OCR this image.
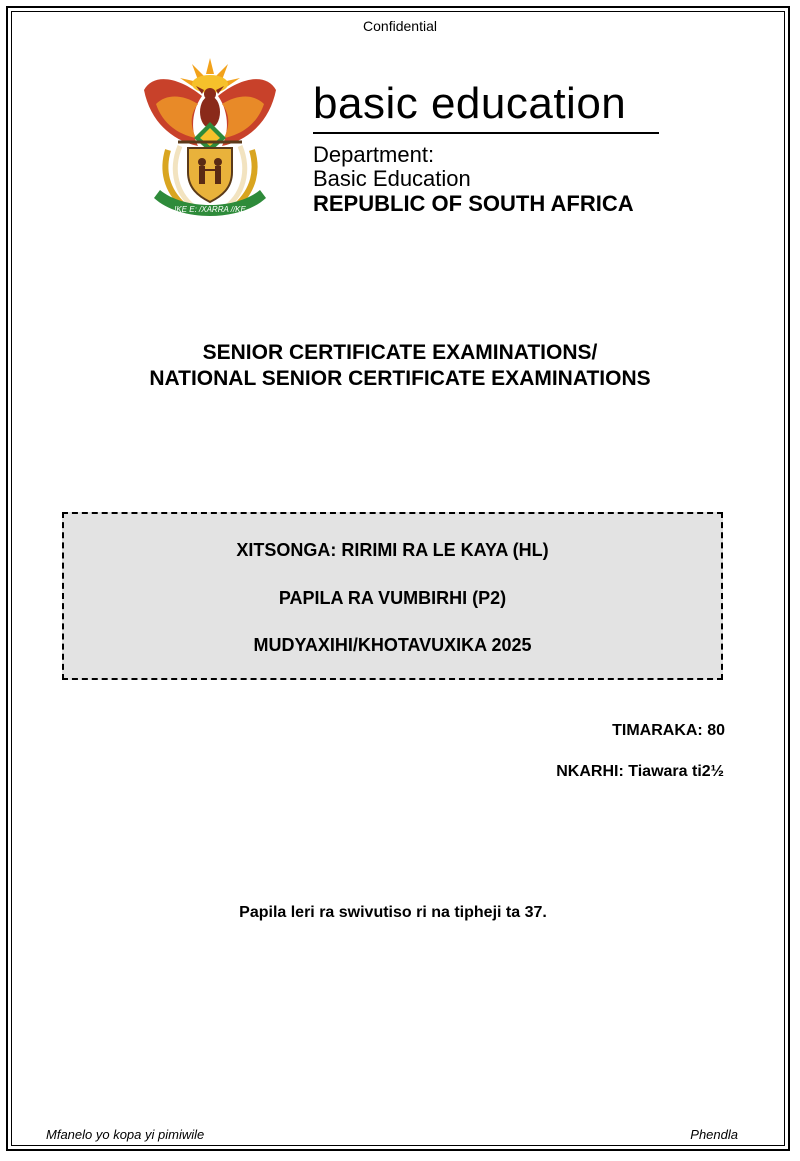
Confidential
!KE E: /XARRA //KE
basic education
Department:
Basic Education
REPUBLIC OF SOUTH AFRICA
SENIOR CERTIFICATE EXAMINATIONS/
NATIONAL SENIOR CERTIFICATE EXAMINATIONS
XITSONGA: RIRIMI RA LE KAYA (HL)
PAPILA RA VUMBIRHI (P2)
MUDYAXIHI/KHOTAVUXIKA 2025
TIMARAKA: 80
NKARHI: Tiawara ti2½
Papila leri ra swivutiso ri na tipheji ta 37.
Mfanelo yo kopa yi pimiwile	Phendla
